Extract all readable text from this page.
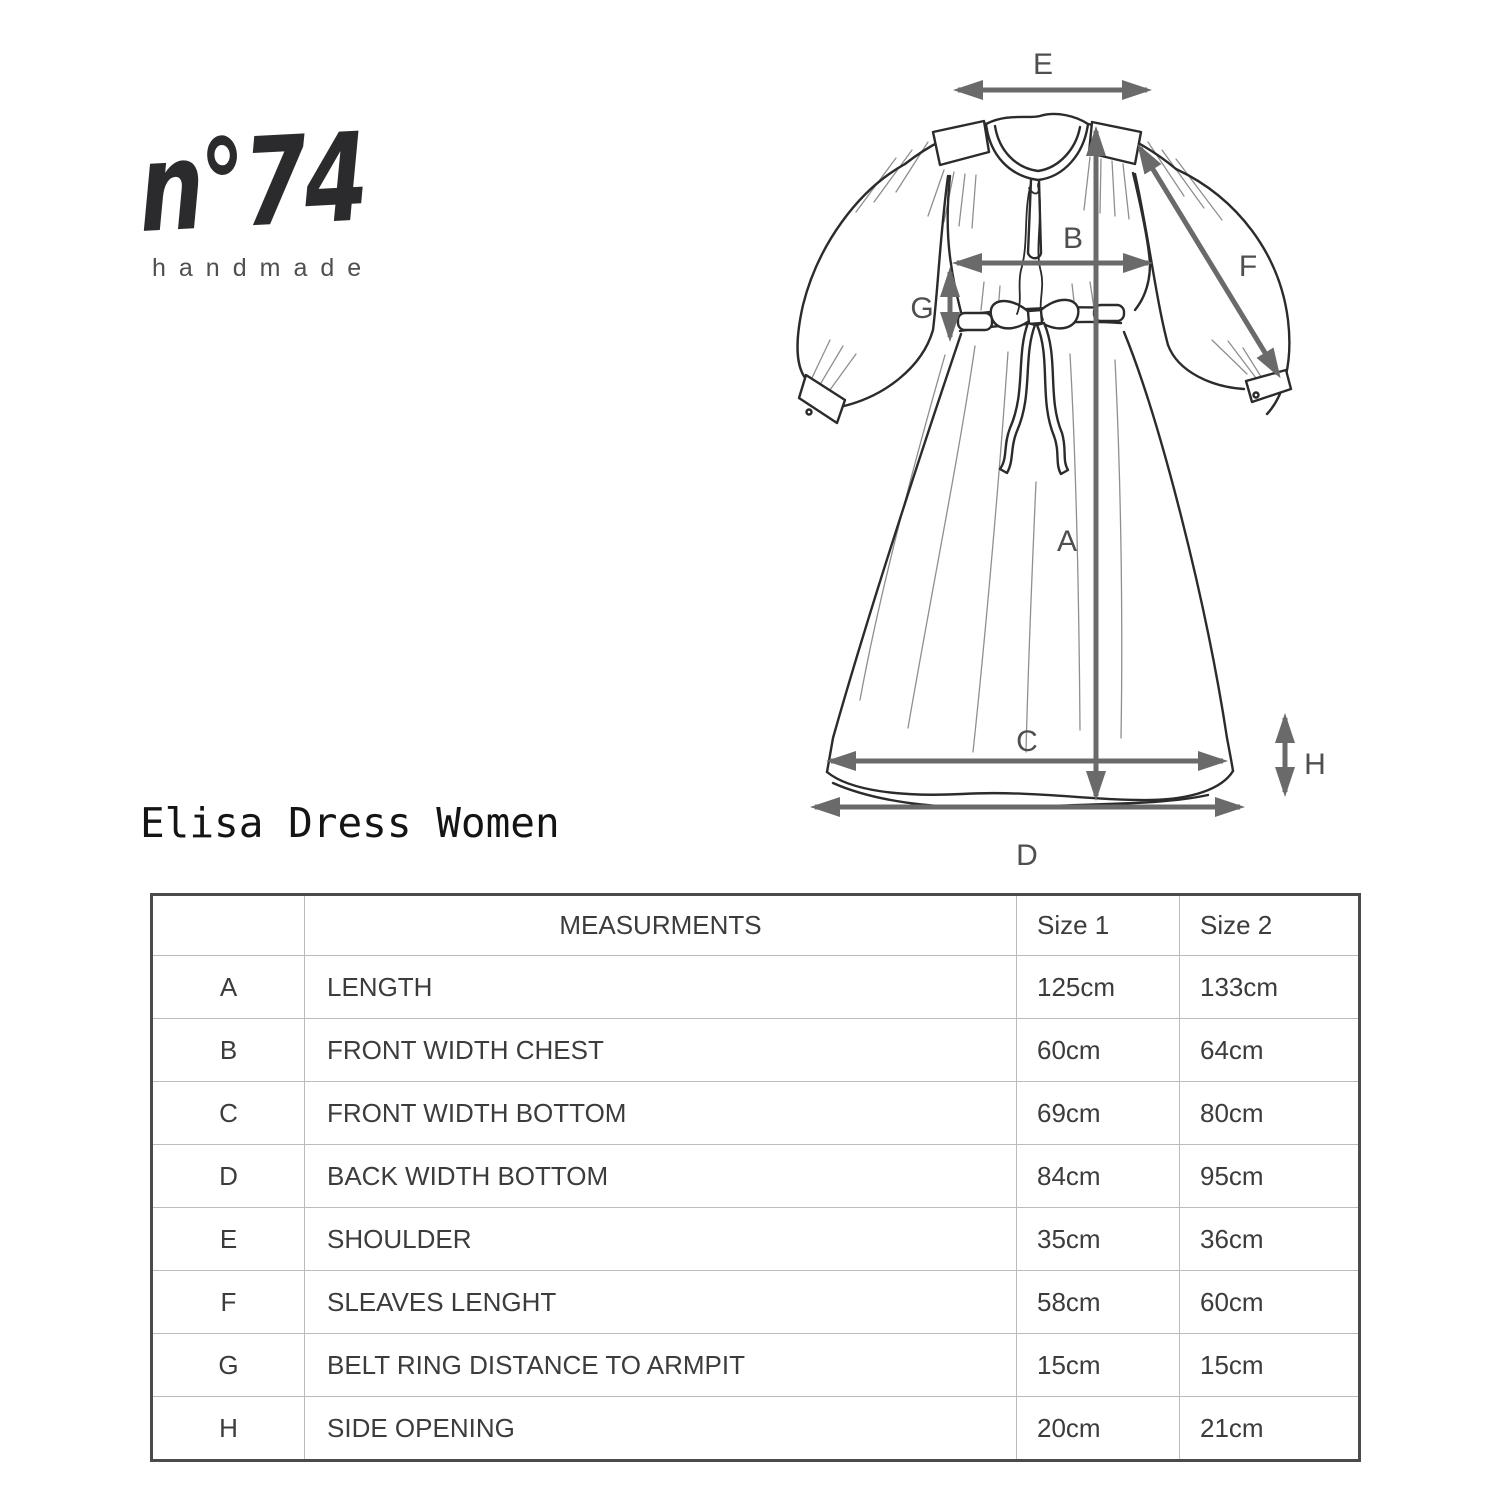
n°74
handmade
E
B
G
F
A
C
D
H
Elisa Dress Women
	MEASURMENTS	Size 1	Size 2
A	LENGTH	125cm	133cm
B	FRONT WIDTH CHEST	60cm	64cm
C	FRONT WIDTH BOTTOM	69cm	80cm
D	BACK WIDTH BOTTOM	84cm	95cm
E	SHOULDER	35cm	36cm
F	SLEAVES LENGHT	58cm	60cm
G	BELT RING DISTANCE TO ARMPIT	15cm	15cm
H	SIDE OPENING	20cm	21cm
